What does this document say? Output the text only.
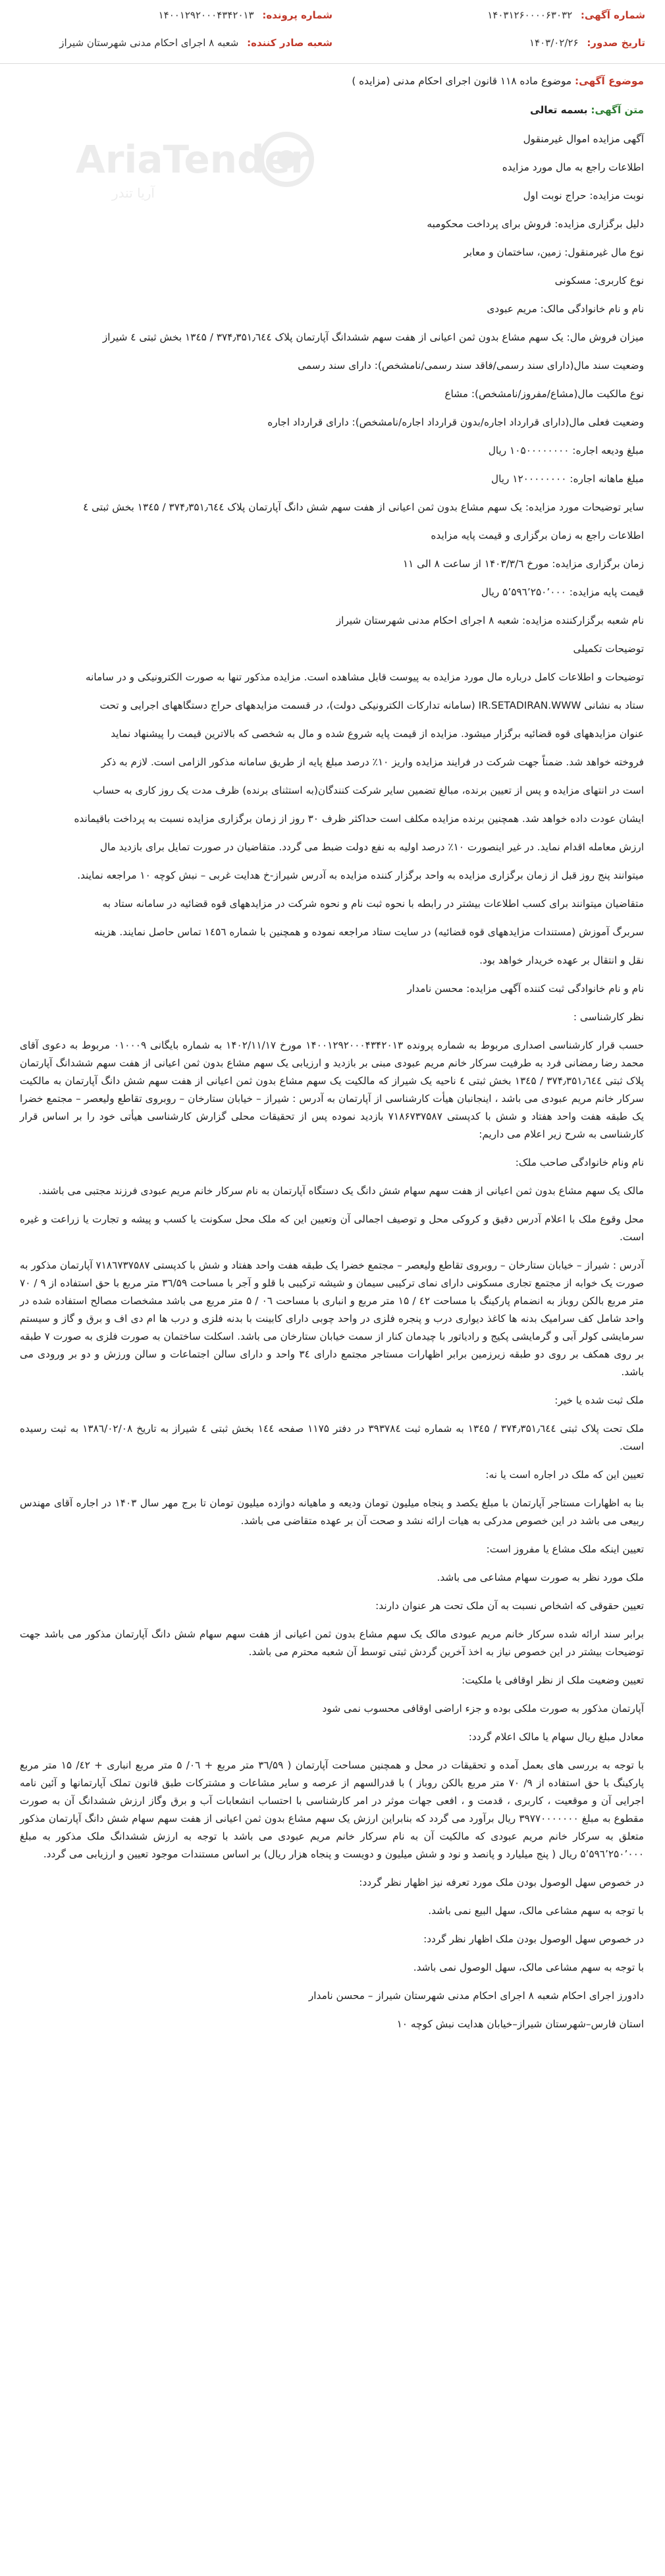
شماره آگهی: ۱۴۰۳۱۲۶۰۰۰۰۶۳۰۳۲
شماره پرونده: ۱۴۰۰۱۲۹۲۰۰۰۴۳۴۲۰۱۳
تاریخ صدور: ۱۴۰۳/۰۲/۲۶
شعبه صادر کننده: شعبه ۸ اجرای احکام مدنی شهرستان شیراز
AriaTender
آریا تندر
موضوع آگهی: موضوع ماده ۱۱۸ قانون اجرای احکام مدنی (مزایده )
متن آگهی: بسمه تعالی
آگهی مزایده اموال غیرمنقول
اطلاعات راجع به مال مورد مزایده
نوبت مزایده: حراج نوبت اول
دلیل برگزاری مزایده: فروش برای پرداخت محکومبه
نوع مال غیرمنقول: زمین، ساختمان و معابر
نوع کاربری: مسکونی
نام و نام خانوادگی مالک: مریم عبودی
میزان فروش مال: یک سهم مشاع بدون ثمن اعیانی از هفت سهم ششدانگ آپارتمان پلاک ۳۷۴٫۳۵۱٫٦٤٤ / ۱۳٤۵ بخش ثبتی ٤ شیراز
وضعیت سند مال(دارای سند رسمی/فاقد سند رسمی/نامشخص): دارای سند رسمی
نوع مالکیت مال(مشاع/مفروز/نامشخص): مشاع
وضعیت فعلی مال(دارای قرارداد اجاره/بدون قرارداد اجاره/نامشخص): دارای قرارداد اجاره
مبلغ ودیعه اجاره: ۱۰۵۰۰۰۰۰۰۰۰ ریال
مبلغ ماهانه اجاره: ۱۲۰۰۰۰۰۰۰۰ ریال
سایر توضیحات مورد مزایده: یک سهم مشاع بدون ثمن اعیانی از هفت سهم شش دانگ آپارتمان پلاک ۳۷۴٫۳۵۱٫٦٤٤ / ۱۳٤۵ بخش ثبتی ٤
اطلاعات راجع به زمان برگزاری و قیمت پایه مزایده
زمان برگزاری مزایده: مورخ ۱۴۰۳/۳/٦ از ساعت ۸ الی ۱۱
قیمت پایه مزایده: ۵٬۵۹٦٬۲۵۰٬۰۰۰ ریال
نام شعبه برگزارکننده مزایده: شعبه ۸ اجرای احکام مدنی شهرستان شیراز
توضیحات تکمیلی
توضیحات و اطلاعات کامل درباره مال مورد مزایده به پیوست قابل مشاهده است. مزایده مذکور تنها به صورت الکترونیکی و در سامانه
ستاد به نشانی IR.SETADIRAN.WWW (سامانه تدارکات الکترونیکی دولت)، در قسمت مزایدههای حراج دستگاههای اجرایی و تحت
عنوان مزایدههای قوه قضائیه برگزار میشود. مزایده از قیمت پایه شروع شده و مال به شخصی که بالاترین قیمت را پیشنهاد نماید
فروخته خواهد شد. ضمناً جهت شرکت در فرایند مزایده واریز ۱۰٪ درصد مبلغ پایه از طریق سامانه مذکور الزامی است. لازم به ذکر
است در انتهای مزایده و پس از تعیین برنده، مبالغ تضمین سایر شرکت کنندگان(به استثنای برنده) ظرف مدت یک روز کاری به حساب
ایشان عودت داده خواهد شد. همچنین برنده مزایده مکلف است حداکثر ظرف ۳۰ روز از زمان برگزاری مزایده نسبت به پرداخت باقیمانده
ارزش معامله اقدام نماید. در غیر اینصورت ۱۰٪ درصد اولیه به نفع دولت ضبط می گردد. متقاضیان در صورت تمایل برای بازدید مال
میتوانند پنج روز قبل از زمان برگزاری مزایده به واحد برگزار کننده مزایده به آدرس شیراز-خ هدایت غربی – نبش کوچه ۱۰ مراجعه نمایند.
متقاضیان میتوانند برای کسب اطلاعات بیشتر در رابطه با نحوه ثبت نام و نحوه شرکت در مزایدههای قوه قضائیه در سامانه ستاد به
سربرگ آموزش (مستندات مزایدههای قوه قضائیه) در سایت ستاد مراجعه نموده و همچنین با شماره ۱٤۵٦ تماس حاصل نمایند. هزینه
نقل و انتقال بر عهده خریدار خواهد بود.
نام و نام خانوادگی ثبت کننده آگهی مزایده: محسن نامدار
نظر کارشناسی :
حسب قرار کارشناسی اصداری مربوط به شماره پرونده ۱۴۰۰۱۲۹۲۰۰۰۴۳۴۲۰۱۳ مورخ ۱۴۰۲/۱۱/۱۷ به شماره بایگانی ۰۱۰۰۰۹ مربوط به دعوی آقای محمد رضا رمضانی فرد به طرفیت سرکار خانم مریم عبودی مبنی بر بازدید و ارزیابی یک سهم مشاع بدون ثمن اعیانی از هفت سهم ششدانگ آپارتمان پلاک ثبتی ۳۷۴٫۳۵۱٫٦٤٤ / ۱۳٤۵ بخش ثبتی ٤ ناحیه یک شیراز که مالکیت یک سهم مشاع بدون ثمن اعیانی از هفت سهم شش دانگ آپارتمان به مالکیت سرکار خانم مریم عبودی می باشد ، اینجانبان هیأت کارشناسی از آپارتمان به آدرس : شیراز – خیابان ستارخان – روبروی تقاطع ولیعصر – مجتمع خضرا یک طبقه هفت واحد هفتاد و شش با کدپستی ۷۱۸۶۷۳۷۵۸۷ بازدید نموده پس از تحقیقات محلی گزارش کارشناسی هیأتی خود را بر اساس قرار کارشناسی به شرح زیر اعلام می داریم:
نام ونام خانوادگی صاحب ملک:
مالک یک سهم مشاع بدون ثمن اعیانی از هفت سهم سهام شش دانگ یک دستگاه آپارتمان به نام سرکار خانم مریم عبودی فرزند مجتبی می باشند.
محل وقوع ملک با اعلام آدرس دقیق و کروکی محل و توصیف اجمالی آن وتعیین این که ملک محل سکونت یا کسب و پیشه و تجارت یا زراعت و غیره است.
آدرس : شیراز – خیابان ستارخان – روبروی تقاطع ولیعصر – مجتمع خضرا یک طبقه هفت واحد هفتاد و شش با کدپستی ۷۱۸٦۷۳۷۵۸۷ آپارتمان مذکور به صورت یک خوابه از مجتمع تجاری مسکونی دارای نمای ترکیبی سیمان و شیشه ترکیبی با قلو و آجر با مساحت ۳٦/۵۹ متر مربع با حق استفاده از ۹ / ۷۰ متر مربع بالکن روباز به انضمام پارکینگ با مساحت ٤۲ / ۱۵ متر مربع و انباری با مساحت ۰٦ / ۵ متر مربع می باشد مشخصات مصالح استفاده شده در واحد شامل کف سرامیک بدنه ها کاغذ دیواری درب و پنجره فلزی در واحد چوبی دارای کابینت با بدنه فلزی و درب ها ام دی اف و برق و گاز و سیستم سرمایشی کولر آبی و گرمایشی پکیج و رادیاتور با چیدمان کنار از سمت خیابان ستارخان می باشد. اسکلت ساختمان به صورت فلزی به صورت ۷ طبقه بر روی همکف بر روی دو طبقه زیرزمین برابر اظهارات مستاجر مجتمع دارای ۳٤ واحد و دارای سالن اجتماعات و سالن ورزش و دو بر ورودی می باشد.
ملک ثبت شده یا خیر:
ملک تحت پلاک ثبتی ۳۷۴٫۳۵۱٫٦٤٤ / ۱۳٤۵ به شماره ثبت ۳۹۳۷۸٤ در دفتر ۱۱۷۵ صفحه ۱٤٤ بخش ثبتی ٤ شیراز به تاریخ ۱۳۸٦/۰۲/۰۸ به ثبت رسیده است.
تعیین این که ملک در اجاره است یا نه:
بنا به اظهارات مستاجر آپارتمان با مبلغ یکصد و پنجاه میلیون تومان ودیعه و ماهیانه دوازده میلیون تومان تا برج مهر سال ۱۴۰۳ در اجاره آقای مهندس ربیعی می باشد در این خصوص مدرکی به هیات ارائه نشد و صحت آن بر عهده متقاضی می باشد.
تعیین اینکه ملک مشاع یا مفروز است:
ملک مورد نظر به صورت سهام مشاعی می باشد.
تعیین حقوقی که اشخاص نسبت به آن ملک تحت هر عنوان دارند:
برابر سند ارائه شده سرکار خانم مریم عبودی مالک یک سهم مشاع بدون ثمن اعیانی از هفت سهم سهام شش دانگ آپارتمان مذکور می باشد جهت توضیحات بیشتر در این خصوص نیاز به اخذ آخرین گردش ثبتی توسط آن شعبه محترم می باشد.
تعیین وضعیت ملک از نظر اوقافی یا ملکیت:
آپارتمان مذکور به صورت ملکی بوده و جزء اراضی اوقافی محسوب نمی شود
معادل مبلغ ریال سهام یا مالک اعلام گردد:
با توجه به بررسی های بعمل آمده و تحقیقات در محل و همچنین مساحت آپارتمان ( ۳٦/۵۹ متر مربع + ۰٦/ ۵ متر مربع انباری + ٤۲/ ۱۵ متر مربع پارکینگ با حق استفاده از ۹/ ۷۰ متر مربع بالکن روباز ) با قدرالسهم از عرصه و سایر مشاعات و مشترکات طبق قانون تملک آپارتمانها و آئین نامه اجرایی آن و موقعیت ، کاربری ، قدمت و ، افعی جهات موثر در امر کارشناسی با احتساب انشعابات آب و برق وگاز ارزش ششدانگ آن به صورت مقطوع به مبلغ ۳۹۷۷۰۰۰۰۰۰۰ ریال برآورد می گردد که بنابراین ارزش یک سهم مشاع بدون ثمن اعیانی از هفت سهم سهام شش دانگ آپارتمان مذکور متعلق به سرکار خانم مریم عبودی که مالکیت آن به نام سرکار خانم مریم عبودی می باشد با توجه به ارزش ششدانگ ملک مذکور به مبلغ ۵٬۵۹٦٬۲۵۰٬۰۰۰ ریال ( پنج میلیارد و پانصد و نود و شش میلیون و دویست و پنجاه هزار ریال) بر اساس مستندات موجود تعیین و ارزیابی می گردد.
در خصوص سهل الوصول بودن ملک مورد تعرفه نیز اظهار نظر گردد:
با توجه به سهم مشاعی مالک، سهل البیع نمی باشد.
در خصوص سهل الوصول بودن ملک اظهار نظر گردد:
با توجه به سهم مشاعی مالک، سهل الوصول نمی باشد.
دادورز اجرای احکام شعبه ۸ اجرای احکام مدنی شهرستان شیراز – محسن نامدار
استان فارس–شهرستان شیراز–خیابان هدایت نبش کوچه ۱۰
